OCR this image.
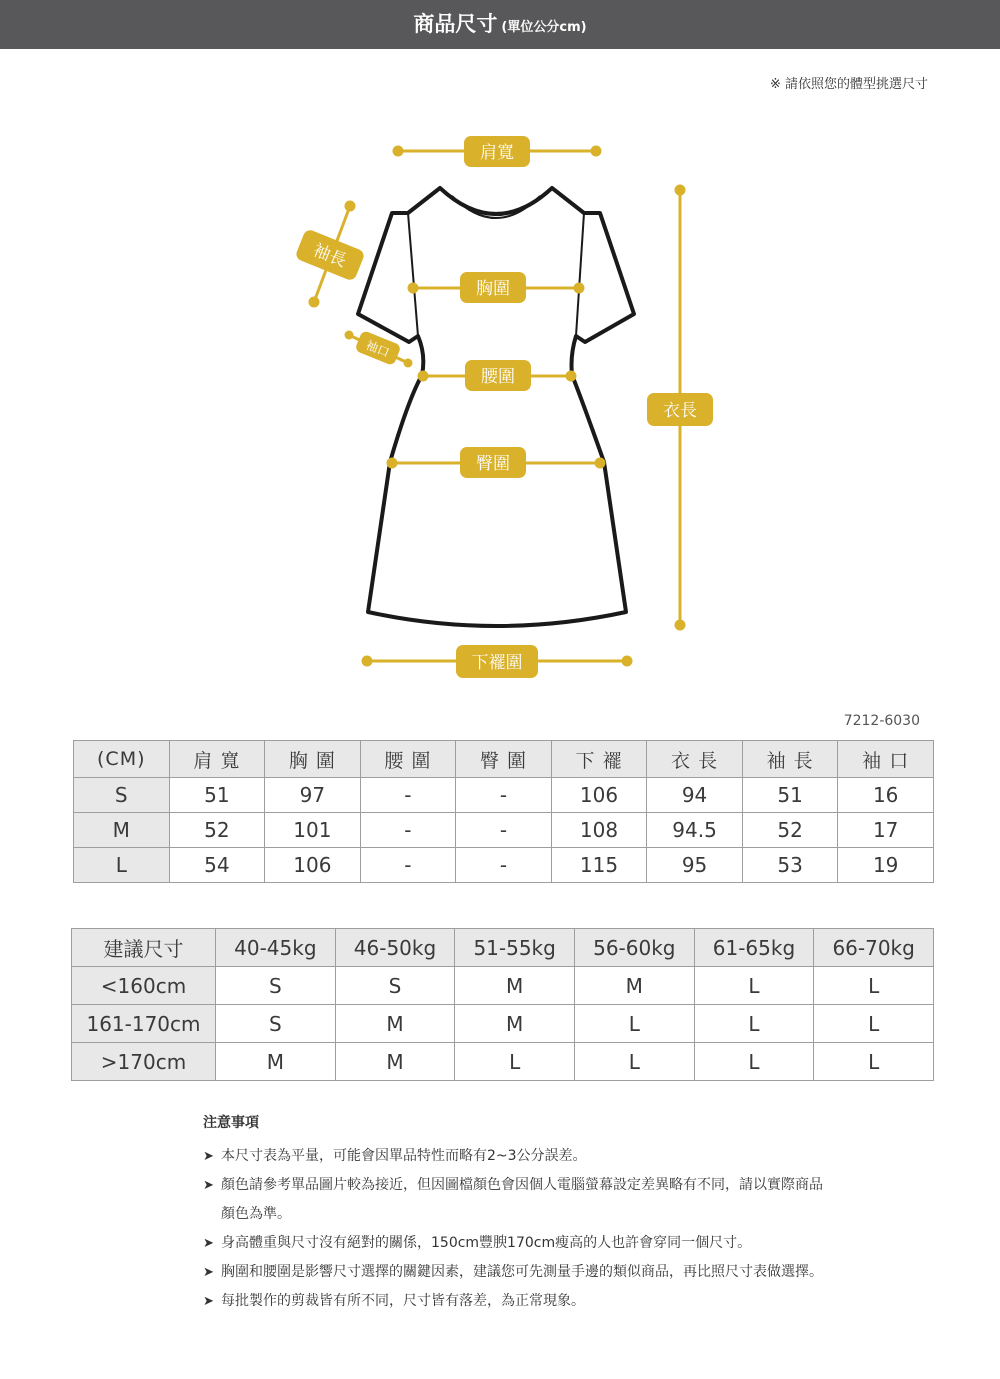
商品尺寸 (單位公分cm)
※ 請依照您的體型挑選尺寸
肩寬
胸圍
腰圍
臀圍
衣長
下襬圍
袖長
袖口
7212-6030
(CM)	肩 寬	胸 圍	腰 圍	臀 圍	下 襬	衣 長	袖 長	袖 口
S	51	97	-	-	106	94	51	16
M	52	101	-	-	108	94.5	52	17
L	54	106	-	-	115	95	53	19
建議尺寸	40-45kg	46-50kg	51-55kg	56-60kg	61-65kg	66-70kg
<160cm	S	S	M	M	L	L
161-170cm	S	M	M	L	L	L
>170cm	M	M	L	L	L	L
注意事項
➤ 本尺寸表為平量，可能會因單品特性而略有2~3公分誤差。
➤ 顏色請參考單品圖片較為接近，但因圖檔顏色會因個人電腦螢幕設定差異略有不同，請以實際商品顏色為準。
➤ 身高體重與尺寸沒有絕對的關係，150cm豐腴170cm瘦高的人也許會穿同一個尺寸。
➤ 胸圍和腰圍是影響尺寸選擇的關鍵因素，建議您可先測量手邊的類似商品，再比照尺寸表做選擇。
➤ 每批製作的剪裁皆有所不同，尺寸皆有落差，為正常現象。
